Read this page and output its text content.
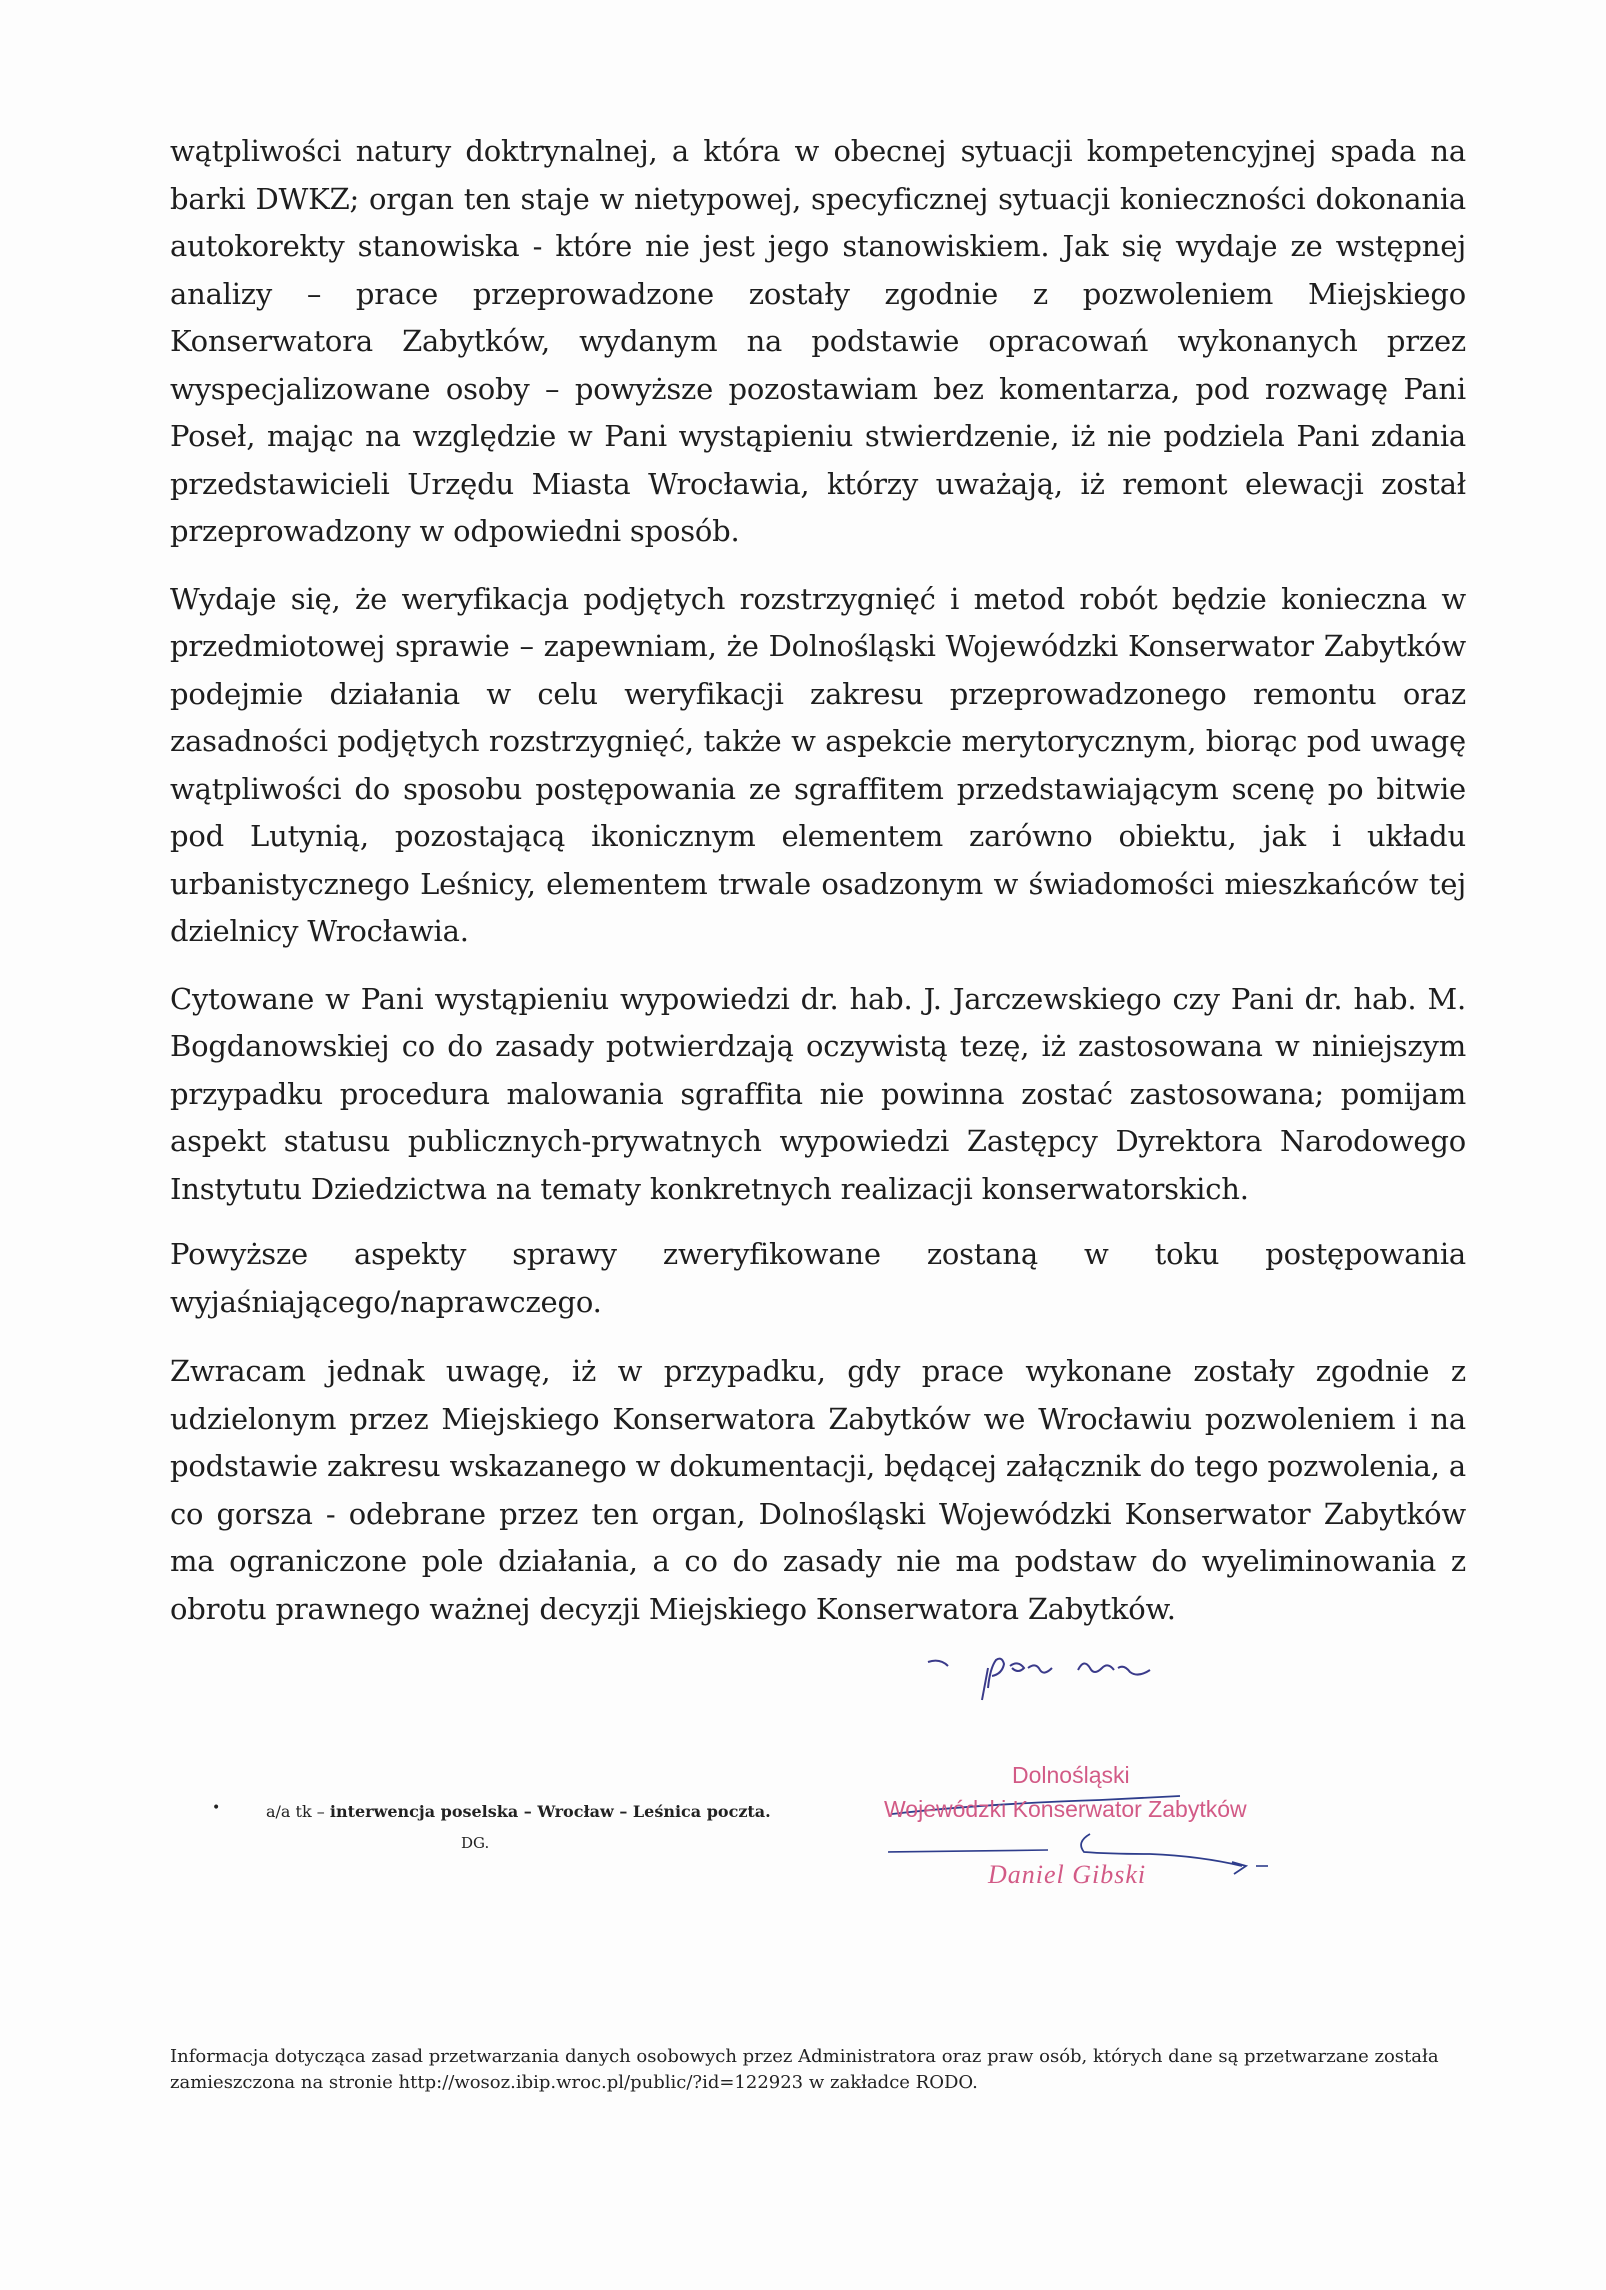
wątpliwości natury doktrynalnej, a która w obecnej sytuacji kompetencyjnej spada na barki DWKZ; organ ten staje w nietypowej, specyficznej sytuacji konieczności dokonania autokorekty stanowiska - które nie jest jego stanowiskiem. Jak się wydaje ze wstępnej analizy – prace przeprowadzone zostały zgodnie z pozwoleniem Miejskiego Konserwatora Zabytków, wydanym na podstawie opracowań wykonanych przez wyspecjalizowane osoby – powyższe pozostawiam bez komentarza, pod rozwagę Pani Poseł, mając na względzie w Pani wystąpieniu stwierdzenie, iż nie podziela Pani zdania przedstawicieli Urzędu Miasta Wrocławia, którzy uważają, iż remont elewacji został przeprowadzony w odpowiedni sposób.

Wydaje się, że weryfikacja podjętych rozstrzygnięć i metod robót będzie konieczna w przedmiotowej sprawie – zapewniam, że Dolnośląski Wojewódzki Konserwator Zabytków podejmie działania w celu weryfikacji zakresu przeprowadzonego remontu oraz zasadności podjętych rozstrzygnięć, także w aspekcie merytorycznym, biorąc pod uwagę wątpliwości do sposobu postępowania ze sgraffitem przedstawiającym scenę po bitwie pod Lutynią, pozostającą ikonicznym elementem zarówno obiektu, jak i układu urbanistycznego Leśnicy, elementem trwale osadzonym w świadomości mieszkańców tej dzielnicy Wrocławia.

Cytowane w Pani wystąpieniu wypowiedzi dr. hab. J. Jarczewskiego czy Pani dr. hab. M. Bogdanowskiej co do zasady potwierdzają oczywistą tezę, iż zastosowana w niniejszym przypadku procedura malowania sgraffita nie powinna zostać zastosowana; pomijam aspekt statusu publicznych-prywatnych wypowiedzi Zastępcy Dyrektora Narodowego Instytutu Dziedzictwa na tematy konkretnych realizacji konserwatorskich.

Powyższe aspekty sprawy zweryfikowane zostaną w toku postępowania wyjaśniającego/naprawczego.

Zwracam jednak uwagę, iż w przypadku, gdy prace wykonane zostały zgodnie z udzielonym przez Miejskiego Konserwatora Zabytków we Wrocławiu pozwoleniem i na podstawie zakresu wskazanego w dokumentacji, będącej załącznik do tego pozwolenia, a co gorsza - odebrane przez ten organ, Dolnośląski Wojewódzki Konserwator Zabytków ma ograniczone pole działania, a co do zasady nie ma podstaw do wyeliminowania z obrotu prawnego ważnej decyzji Miejskiego Konserwatora Zabytków.

Dolnośląski
Wojewódzki Konserwator Zabytków
Daniel Gibski
•	a/a tk – interwencja poselska – Wrocław – Leśnica poczta.
DG.
Informacja dotycząca zasad przetwarzania danych osobowych przez Administratora oraz praw osób, których dane są przetwarzane została zamieszczona na stronie http://wosoz.ibip.wroc.pl/public/?id=122923 w zakładce RODO.
